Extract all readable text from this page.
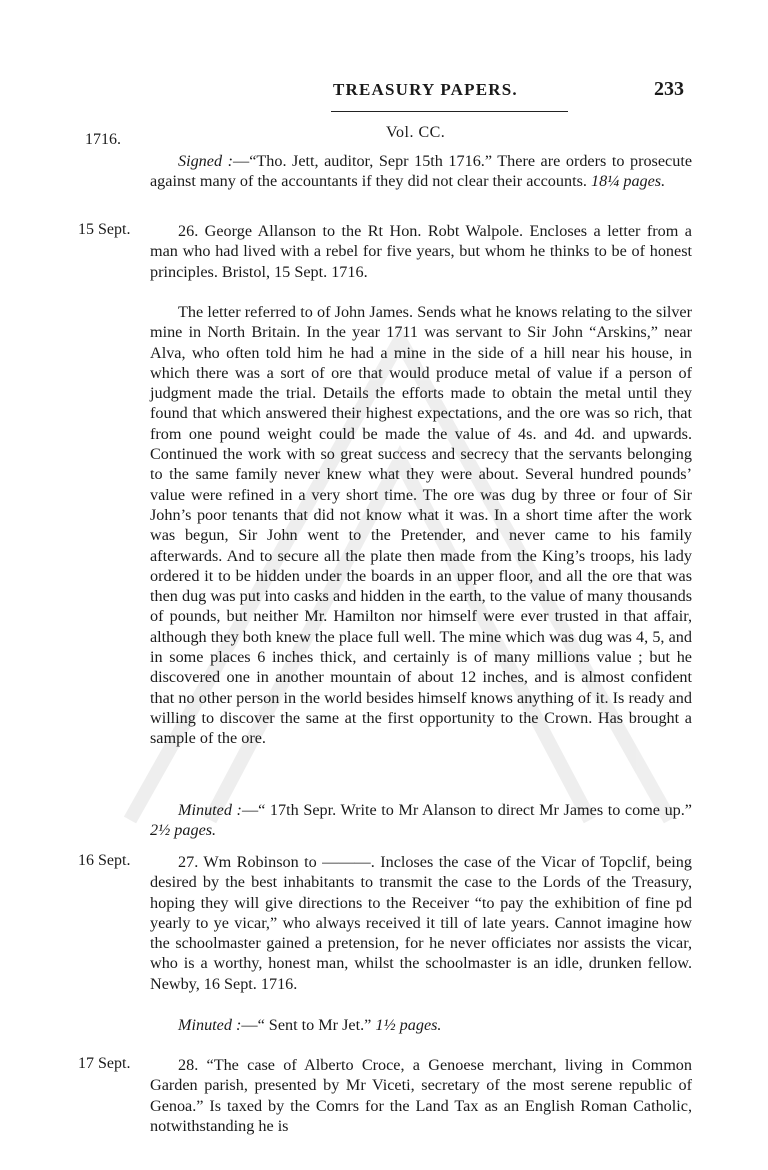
TREASURY PAPERS.	233
Vol. CC.
1716.

Signed :—“Tho. Jett, auditor, Sepr 15th 1716.” There are orders to prosecute against many of the accountants if they did not clear their accounts. 18¼ pages.

15 Sept.	26. George Allanson to the Rt Hon. Robt Walpole. Encloses a letter from a man who had lived with a rebel for five years, but whom he thinks to be of honest principles. Bristol, 15 Sept. 1716.

The letter referred to of John James. Sends what he knows relating to the silver mine in North Britain. In the year 1711 was servant to Sir John “Arskins,” near Alva, who often told him he had a mine in the side of a hill near his house, in which there was a sort of ore that would produce metal of value if a person of judgment made the trial. Details the efforts made to obtain the metal until they found that which answered their highest expectations, and the ore was so rich, that from one pound weight could be made the value of 4s. and 4d. and upwards. Continued the work with so great success and secrecy that the servants belonging to the same family never knew what they were about. Several hundred pounds’ value were refined in a very short time. The ore was dug by three or four of Sir John’s poor tenants that did not know what it was. In a short time after the work was begun, Sir John went to the Pretender, and never came to his family afterwards. And to secure all the plate then made from the King’s troops, his lady ordered it to be hidden under the boards in an upper floor, and all the ore that was then dug was put into casks and hidden in the earth, to the value of many thousands of pounds, but neither Mr. Hamilton nor himself were ever trusted in that affair, although they both knew the place full well. The mine which was dug was 4, 5, and in some places 6 inches thick, and certainly is of many millions value ; but he discovered one in another mountain of about 12 inches, and is almost confident that no other person in the world besides himself knows anything of it. Is ready and willing to discover the same at the first opportunity to the Crown. Has brought a sample of the ore.

Minuted :—“ 17th Sepr. Write to Mr Alanson to direct Mr James to come up.” 2½ pages.

16 Sept.	27. Wm Robinson to ———. Incloses the case of the Vicar of Topclif, being desired by the best inhabitants to transmit the case to the Lords of the Treasury, hoping they will give directions to the Receiver “to pay the exhibition of fine pd yearly to ye vicar,” who always received it till of late years. Cannot imagine how the schoolmaster gained a pretension, for he never officiates nor assists the vicar, who is a worthy, honest man, whilst the schoolmaster is an idle, drunken fellow. Newby, 16 Sept. 1716.

Minuted :—“ Sent to Mr Jet.” 1½ pages.

17 Sept.	28. “The case of Alberto Croce, a Genoese merchant, living in Common Garden parish, presented by Mr Viceti, secretary of the most serene republic of Genoa.” Is taxed by the Comrs for the Land Tax as an English Roman Catholic, notwithstanding he is
